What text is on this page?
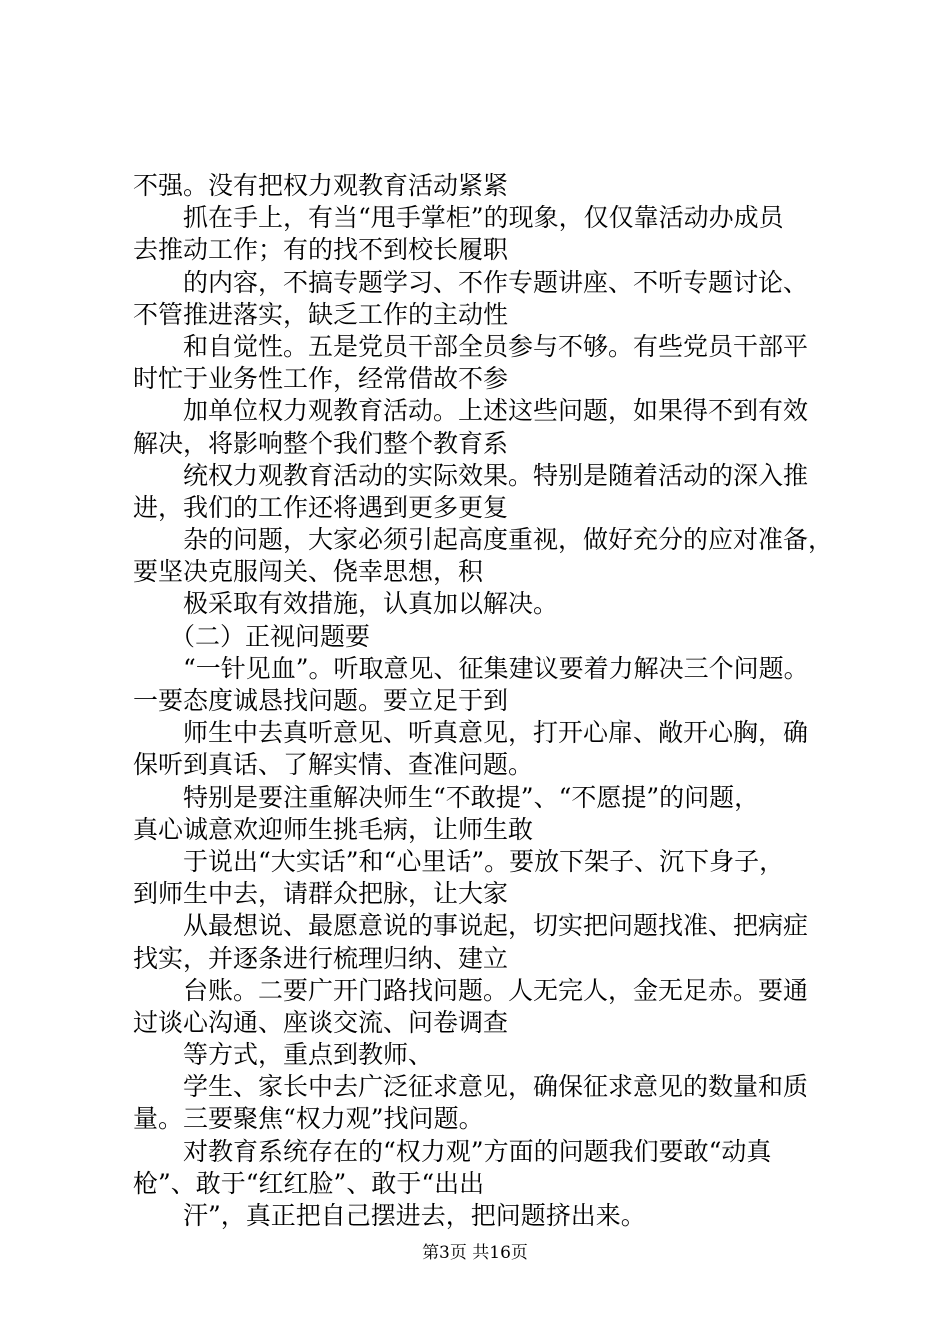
不强。没有把权力观教育活动紧紧
抓在手上，有当“甩手掌柜”的现象，仅仅靠活动办成员
去推动工作；有的找不到校长履职
的内容，不搞专题学习、不作专题讲座、不听专题讨论、
不管推进落实，缺乏工作的主动性
和自觉性。五是党员干部全员参与不够。有些党员干部平
时忙于业务性工作，经常借故不参
加单位权力观教育活动。上述这些问题，如果得不到有效
解决，将影响整个我们整个教育系
统权力观教育活动的实际效果。特别是随着活动的深入推
进，我们的工作还将遇到更多更复
杂的问题，大家必须引起高度重视，做好充分的应对准备，
要坚决克服闯关、侥幸思想，积
极采取有效措施，认真加以解决。
（二）正视问题要
“一针见血”。听取意见、征集建议要着力解决三个问题。
一要态度诚恳找问题。要立足于到
师生中去真听意见、听真意见，打开心扉、敞开心胸，确
保听到真话、了解实情、查准问题。
特别是要注重解决师生“不敢提”、“不愿提”的问题，
真心诚意欢迎师生挑毛病，让师生敢
于说出“大实话”和“心里话”。要放下架子、沉下身子，
到师生中去，请群众把脉，让大家
从最想说、最愿意说的事说起，切实把问题找准、把病症
找实，并逐条进行梳理归纳、建立
台账。二要广开门路找问题。人无完人，金无足赤。要通
过谈心沟通、座谈交流、问卷调查
等方式，重点到教师、
学生、家长中去广泛征求意见，确保征求意见的数量和质
量。三要聚焦“权力观”找问题。
对教育系统存在的“权力观”方面的问题我们要敢“动真
枪”、敢于“红红脸”、敢于“出出
汗”，真正把自己摆进去，把问题挤出来。
第3页 共16页
